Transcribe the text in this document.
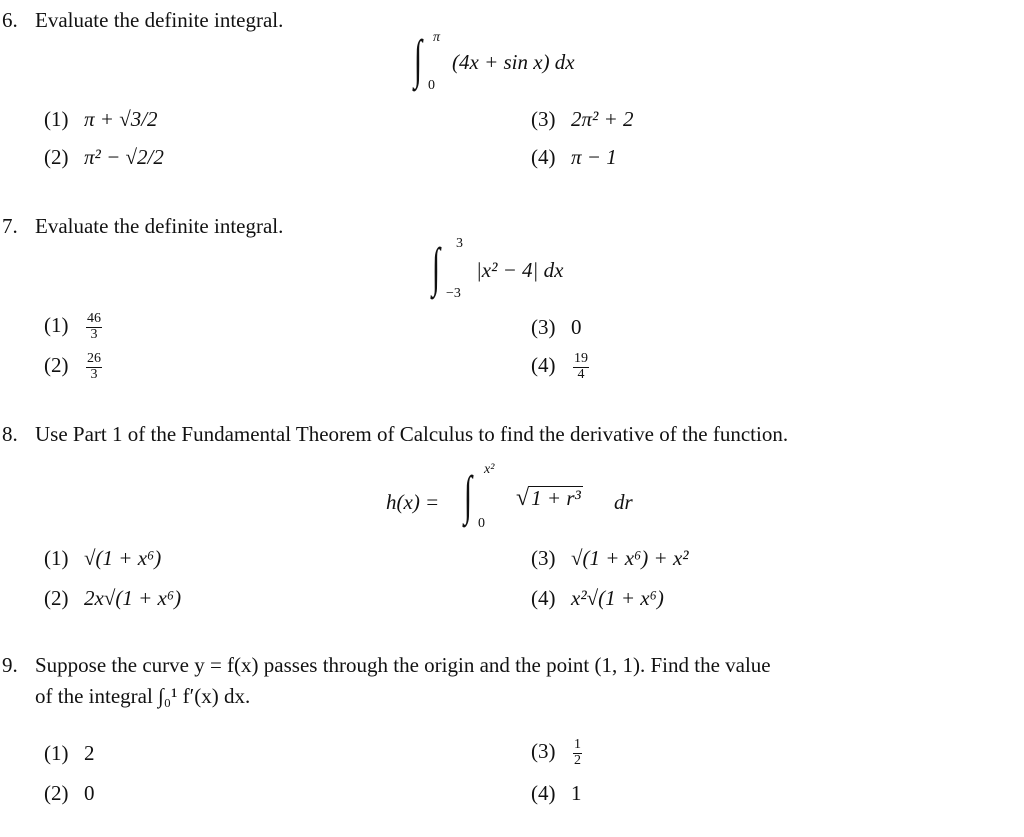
6. Evaluate the definite integral.
∫ π
0
(4x + sin x) dx
(1) π + √3/2
(2) π² − √2/2
(3) 2π² + 2
(4) π − 1
7. Evaluate the definite integral.
∫ 3
−3
|x² − 4| dx
$(1) \frac{46}{3}$
$(2) \frac{26}{3}$
(3) 0
$(4) \frac{19}{4}$
8. Use Part 1 of the Fundamental Theorem of Calculus to find the derivative of the function.
h(x) = ∫ x²
0
√ 1 + r³ dr
(1) √(1 + x⁶)
(2) 2x√(1 + x⁶)
(3) √(1 + x⁶) + x²
(4) x²√(1 + x⁶)
9. Suppose the curve y = f(x) passes through the origin and the point (1, 1). Find the value
of the integral ∫₀¹ f′(x) dx.
(1) 2
(2) 0
$(3) \frac{1}{2}$
(4) 1
